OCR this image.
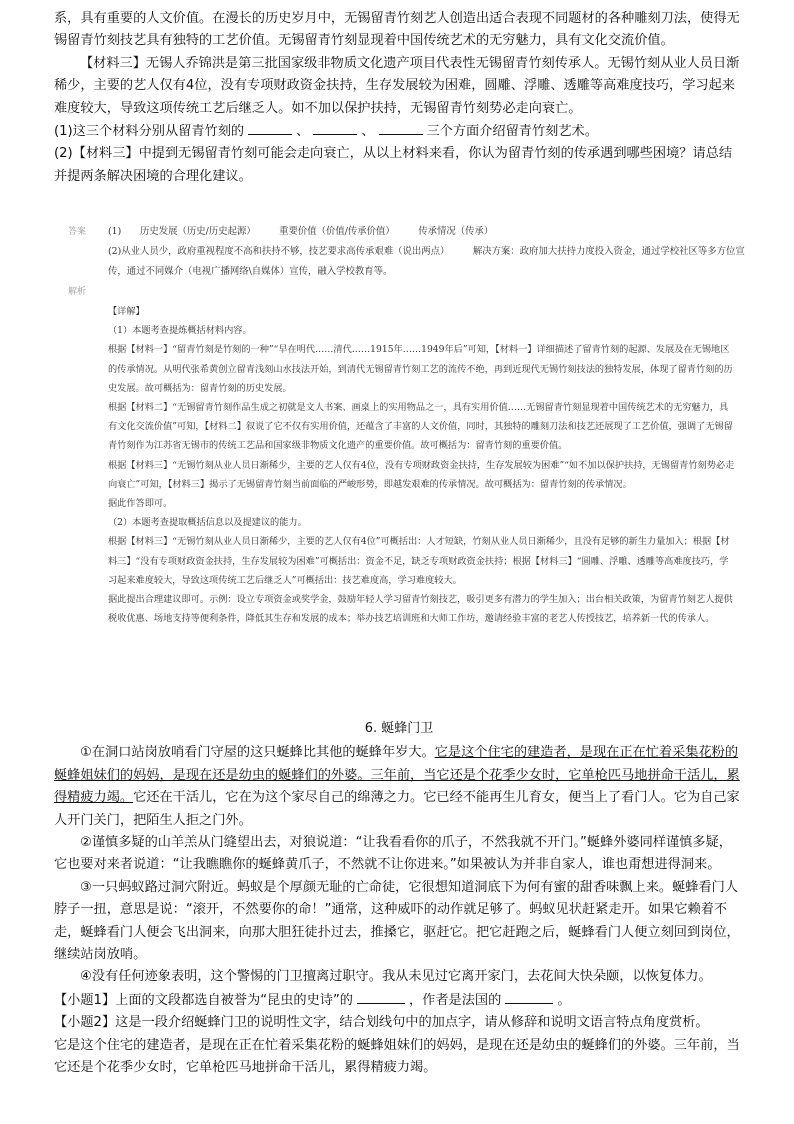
系，具有重要的人文价值。在漫长的历史岁月中，无锡留青竹刻艺人创造出适合表现不同题材的各种雕刻刀法，使得无锡留青竹刻技艺具有独特的工艺价值。无锡留青竹刻显现着中国传统艺术的无穷魅力，具有文化交流价值。

【材料三】无锡人乔锦洪是第三批国家级非物质文化遗产项目代表性无锡留青竹刻传承人。无锡竹刻从业人员日渐稀少，主要的艺人仅有4位，没有专项财政资金扶持，生存发展较为困难，圆雕、浮雕、透雕等高难度技巧，学习起来难度较大，导致这项传统工艺后继乏人。如不加以保护扶持，无锡留青竹刻势必走向衰亡。

(1)这三个材料分别从留青竹刻的	、	、	三个方面介绍留青竹刻艺术。

(2)【材料三】中提到无锡留青竹刻可能会走向衰亡，从以上材料来看，你认为留青竹刻的传承遇到哪些困境？请总结并提两条解决困境的合理化建议。

答案	(1)　　历史发展（历史/历史起源）　　　重要价值（价值/传承价值）　　　传承情况（传承）
(2)从业人员少，政府重视程度不高和扶持不够，技艺要求高传承艰难（说出两点）　　　解决方案：政府加大扶持力度投入资金，通过学校社区等多方位宣传，通过不同媒介（电视广播网络\自媒体）宣传，融入学校教育等。
解析

【详解】

（1）本题考查提炼概括材料内容。

根据【材料一】“留青竹刻是竹刻的一种”“早在明代……清代……1915年……1949年后”可知，【材料一】详细描述了留青竹刻的起源、发展及在无锡地区的传承情况。从明代张希黄创立留青浅刻山水技法开始，到清代无锡留青竹刻工艺的流传不绝，再到近现代无锡竹刻技法的独特发展，体现了留青竹刻的历史发展。故可概括为：留青竹刻的历史发展。

根据【材料二】“无锡留青竹刻作品生成之初就是文人书案、画桌上的实用物品之一，具有实用价值……无锡留青竹刻显现着中国传统艺术的无穷魅力，具有文化交流价值”可知，【材料二】叙说了它不仅有实用价值，还蕴含了丰富的人文价值，同时，其独特的雕刻刀法和技艺还展现了工艺价值，强调了无锡留青竹刻作为江苏省无锡市的传统工艺品和国家级非物质文化遗产的重要价值。故可概括为：留青竹刻的重要价值。

根据【材料三】“无锡竹刻从业人员日渐稀少，主要的艺人仅有4位，没有专项财政资金扶持，生存发展较为困难”“如不加以保护扶持，无锡留青竹刻势必走向衰亡”可知，【材料三】揭示了无锡留青竹刻当前面临的严峻形势，即越发艰难的传承情况。故可概括为：留青竹刻的传承情况。

据此作答即可。

（2）本题考查提取概括信息以及提建议的能力。

根据【材料三】“无锡竹刻从业人员日渐稀少，主要的艺人仅有4位”可概括出：人才短缺，竹刻从业人员日渐稀少，且没有足够的新生力量加入；根据【材料三】“没有专项财政资金扶持，生存发展较为困难”可概括出：资金不足，缺乏专项财政资金扶持；根据【材料三】“圆雕、浮雕、透雕等高难度技巧，学习起来难度较大，导致这项传统工艺后继乏人”可概括出：技艺难度高，学习难度较大。

据此提出合理建议即可。示例：设立专项资金或奖学金，鼓励年轻人学习留青竹刻技艺，吸引更多有潜力的学生加入；出台相关政策，为留青竹刻艺人提供税收优惠、场地支持等便利条件，降低其生存和发展的成本；举办技艺培训班和大师工作坊，邀请经验丰富的老艺人传授技艺，培养新一代的传承人。

6. 蜒蜂门卫

①在洞口站岗放哨看门守屋的这只蜒蜂比其他的蜒蜂年岁大。它是这个住宅的建造者，是现在正在忙着采集花粉的蜒蜂姐妹们的妈妈，是现在还是幼虫的蜒蜂们的外婆。三年前，当它还是个花季少女时，它单枪匹马地拼命干活儿，累得精疲力竭。它还在干活儿，它在为这个家尽自己的绵薄之力。它已经不能再生儿育女，便当上了看门人。它为自己家人开门关门，把陌生人拒之门外。

②谨慎多疑的山羊羔从门缝望出去，对狼说道：“让我看看你的爪子，不然我就不开门。”蜒蜂外婆同样谨慎多疑，它也要对来者说道：“让我瞧瞧你的蜒蜂黄爪子，不然就不让你进来。”如果被认为并非自家人，谁也甭想进得洞来。

③一只蚂蚁路过洞穴附近。蚂蚁是个厚颜无耻的亡命徒，它很想知道洞底下为何有蜜的甜香味飘上来。蜒蜂看门人脖子一扭，意思是说：“滚开，不然要你的命！”通常，这种威吓的动作就足够了。蚂蚁见状赶紧走开。如果它赖着不走，蜒蜂看门人便会飞出洞来，向那大胆狂徒扑过去，推搡它，驱赶它。把它赶跑之后，蜒蜂看门人便立刻回到岗位，继续站岗放哨。

④没有任何迹象表明，这个警惕的门卫擅离过职守。我从未见过它离开家门，去花间大快朵颐，以恢复体力。

【小题1】上面的文段都选自被誉为“昆虫的史诗”的	，作者是法国的	。

【小题2】这是一段介绍蜒蜂门卫的说明性文字，结合划线句中的加点字，请从修辞和说明文语言特点角度赏析。

它是这个住宅的建造者，是现在正在忙着采集花粉的蜒蜂姐妹们的妈妈，是现在还是幼虫的蜒蜂们的外婆。三年前，当它还是个花季少女时，它单枪匹马地拼命干活儿，累得精疲力竭。
